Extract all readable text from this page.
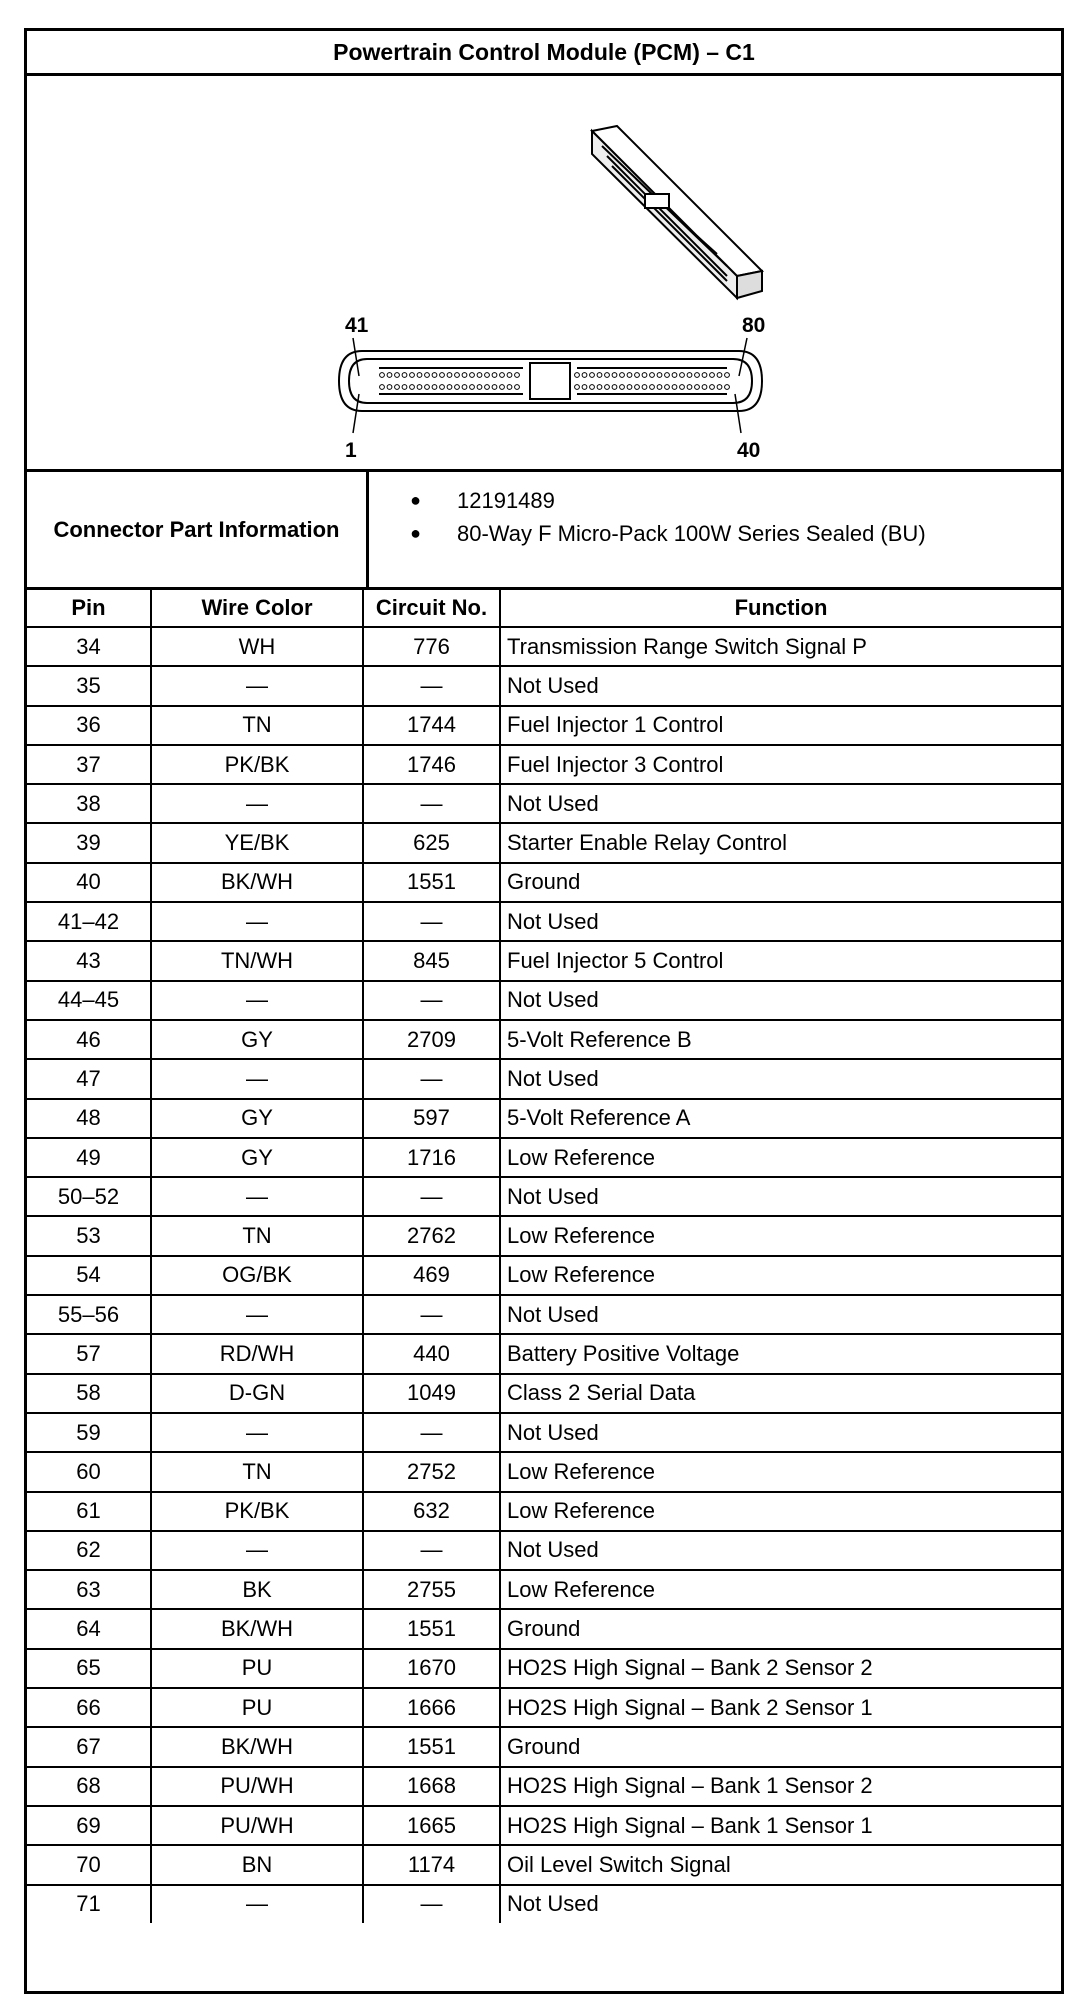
Powertrain Control Module (PCM) – C1
41	80
1	40
Connector Part Information
●	12191489
●	80-Way F Micro-Pack 100W Series Sealed (BU)
Pin	Wire Color	Circuit No.	Function
34	WH	776	Transmission Range Switch Signal P
35	—	—	Not Used
36	TN	1744	Fuel Injector 1 Control
37	PK/BK	1746	Fuel Injector 3 Control
38	—	—	Not Used
39	YE/BK	625	Starter Enable Relay Control
40	BK/WH	1551	Ground
41–42	—	—	Not Used
43	TN/WH	845	Fuel Injector 5 Control
44–45	—	—	Not Used
46	GY	2709	5-Volt Reference B
47	—	—	Not Used
48	GY	597	5-Volt Reference A
49	GY	1716	Low Reference
50–52	—	—	Not Used
53	TN	2762	Low Reference
54	OG/BK	469	Low Reference
55–56	—	—	Not Used
57	RD/WH	440	Battery Positive Voltage
58	D-GN	1049	Class 2 Serial Data
59	—	—	Not Used
60	TN	2752	Low Reference
61	PK/BK	632	Low Reference
62	—	—	Not Used
63	BK	2755	Low Reference
64	BK/WH	1551	Ground
65	PU	1670	HO2S High Signal – Bank 2 Sensor 2
66	PU	1666	HO2S High Signal – Bank 2 Sensor 1
67	BK/WH	1551	Ground
68	PU/WH	1668	HO2S High Signal – Bank 1 Sensor 2
69	PU/WH	1665	HO2S High Signal – Bank 1 Sensor 1
70	BN	1174	Oil Level Switch Signal
71	—	—	Not Used
